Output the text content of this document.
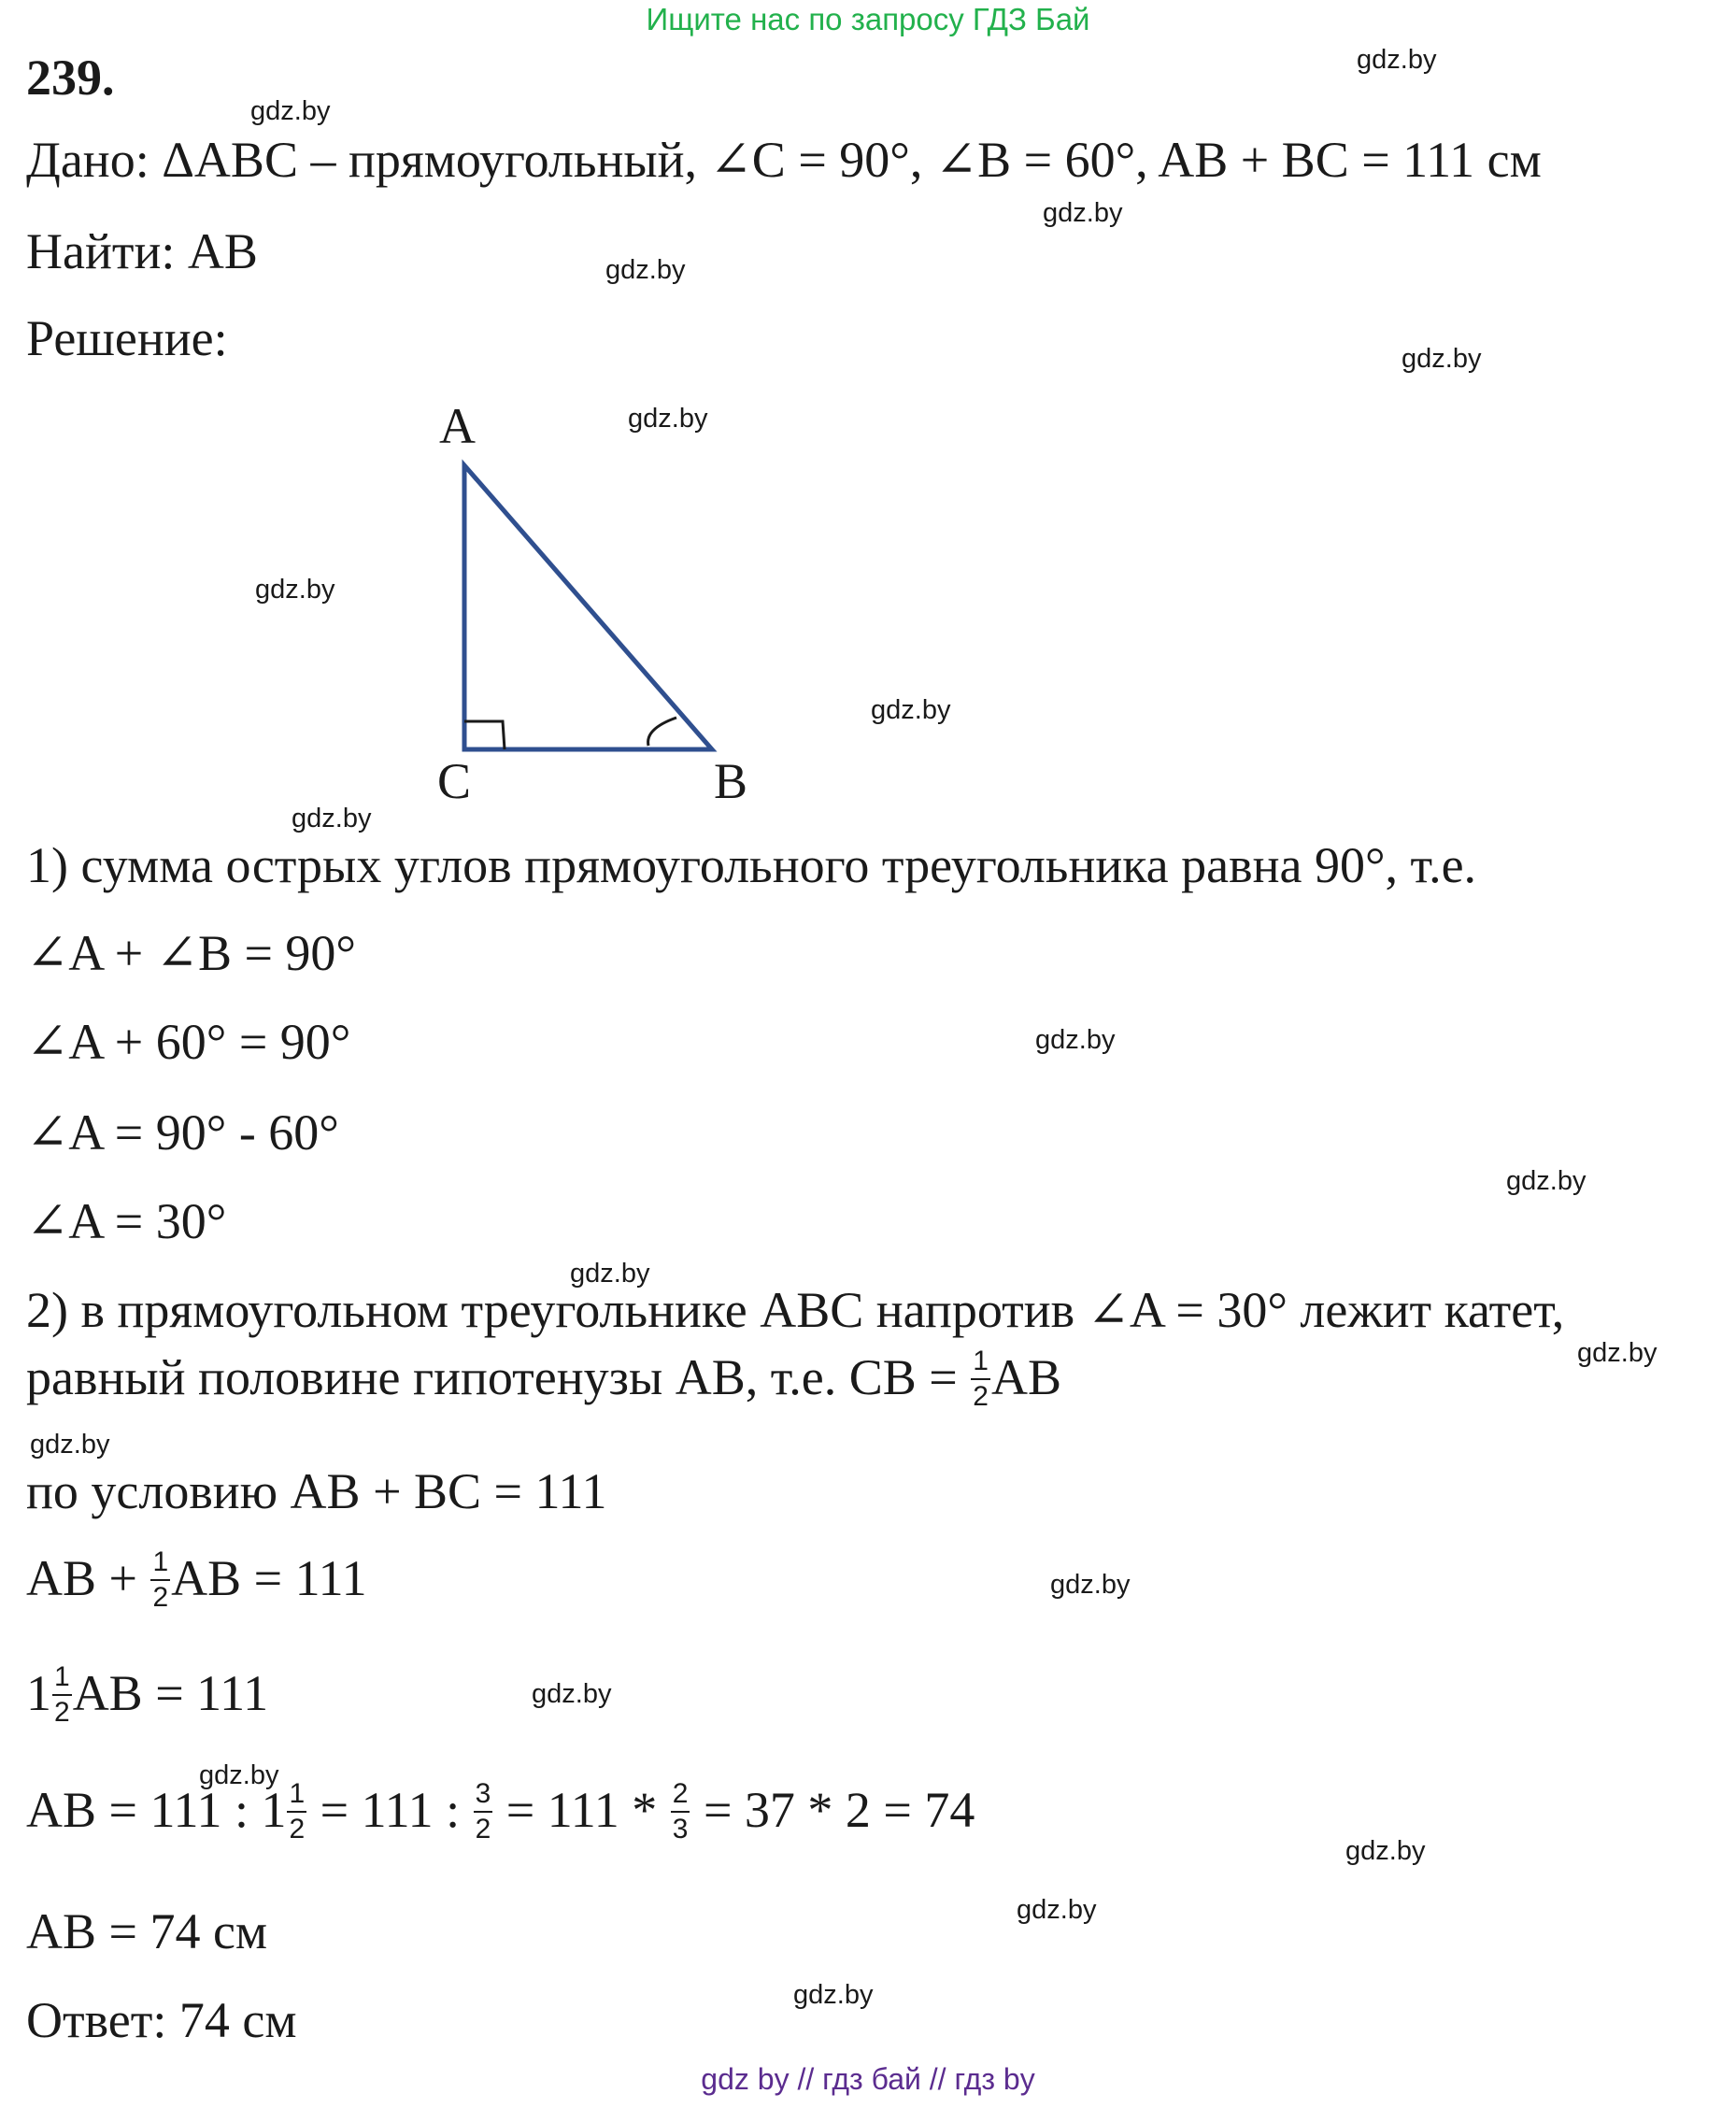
Ищите нас по запросу ГДЗ Бай
239.
Дано: ΔABC – прямоугольный, ∠C = 90°, ∠B = 60°, AB + BC = 111 см
Найти: AB
Решение:
A
C	B
1) сумма острых углов прямоугольного треугольника равна 90°, т.е.
∠A + ∠B = 90°
∠A + 60° = 90°
∠A = 90° - 60°
∠A = 30°
2) в прямоугольном треугольнике ABC напротив ∠A = 30° лежит катет,
равный половине гипотенузы AB, т.е. CB = $\frac{1}{2}$ AB
по условию AB + BC = 111
AB + $\frac{1}{2}$ AB = 111
$1 \frac{1}{2}$ AB = 111
AB = 111 : $1 \frac{1}{2} = 111$ : $\frac{3}{2} = 111 * \frac{2}{3} = 37 * 2 = 74$
AB = 74 см
Ответ: 74 см
gdz.by
gdz.by
gdz.by
gdz.by
gdz.by
gdz.by
gdz.by
gdz.by
gdz.by
gdz.by
gdz.by
gdz.by
gdz.by
gdz.by
gdz.by
gdz.by
gdz.by
gdz.by
gdz.by
gdz.by
gdz by // гдз бай // гдз by
